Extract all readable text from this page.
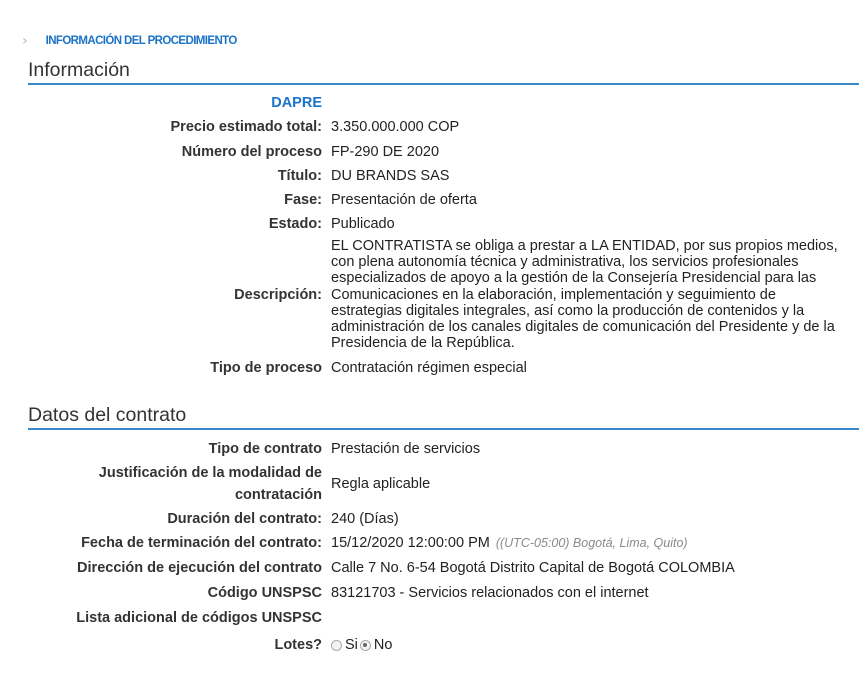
› INFORMACIÓN DEL PROCEDIMIENTO
Información
DAPRE
Precio estimado total: 3.350.000.000 COP
Número del proceso FP-290 DE 2020
Título: DU BRANDS SAS
Fase: Presentación de oferta
Estado: Publicado
Descripción:
EL CONTRATISTA se obliga a prestar a LA ENTIDAD, por sus propios medios, con plena autonomía técnica y administrativa, los servicios profesionales especializados de apoyo a la gestión de la Consejería Presidencial para las Comunicaciones en la elaboración, implementación y seguimiento de estrategias digitales integrales, así como la producción de contenidos y la administración de los canales digitales de comunicación del Presidente y de la Presidencia de la República.
Tipo de proceso Contratación régimen especial
Datos del contrato
Tipo de contrato Prestación de servicios
Justificación de la modalidad de contratación
Regla aplicable
Duración del contrato: 240 (Días)
Fecha de terminación del contrato: 15/12/2020 12:00:00 PM ((UTC-05:00) Bogotá, Lima, Quito)
Dirección de ejecución del contrato Calle 7 No. 6-54 Bogotá Distrito Capital de Bogotá COLOMBIA
Código UNSPSC 83121703 - Servicios relacionados con el internet
Lista adicional de códigos UNSPSC
Lotes? Si No
